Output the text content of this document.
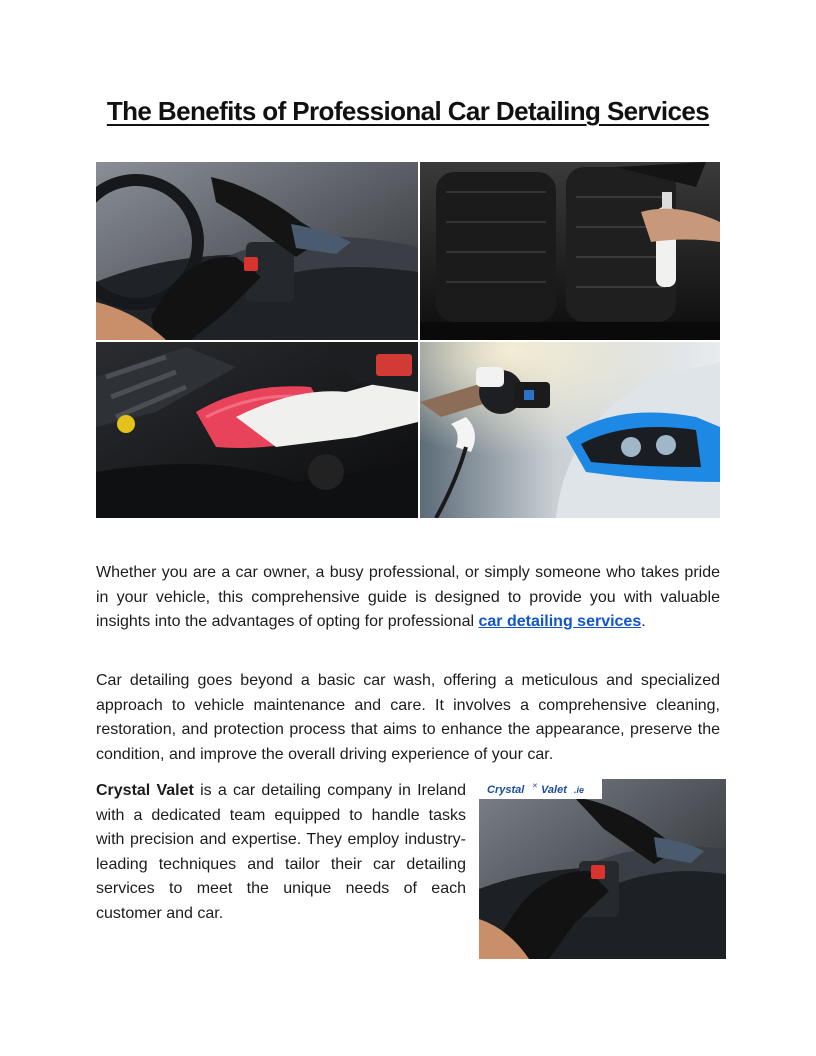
The Benefits of Professional Car Detailing Services

Whether you are a car owner, a busy professional, or simply someone who takes pride in your vehicle, this comprehensive guide is designed to provide you with valuable insights into the advantages of opting for professional car detailing services.

Car detailing goes beyond a basic car wash, offering a meticulous and specialized approach to vehicle maintenance and care. It involves a comprehensive cleaning, restoration, and protection process that aims to enhance the appearance, preserve the condition, and improve the overall driving experience of your car.

Crystal Valet is a car detailing company in Ireland with a dedicated team equipped to handle tasks with precision and expertise. They employ industry-leading techniques and tailor their car detailing services to meet the unique needs of each customer and car.

Crystal Valet .ie
✕
